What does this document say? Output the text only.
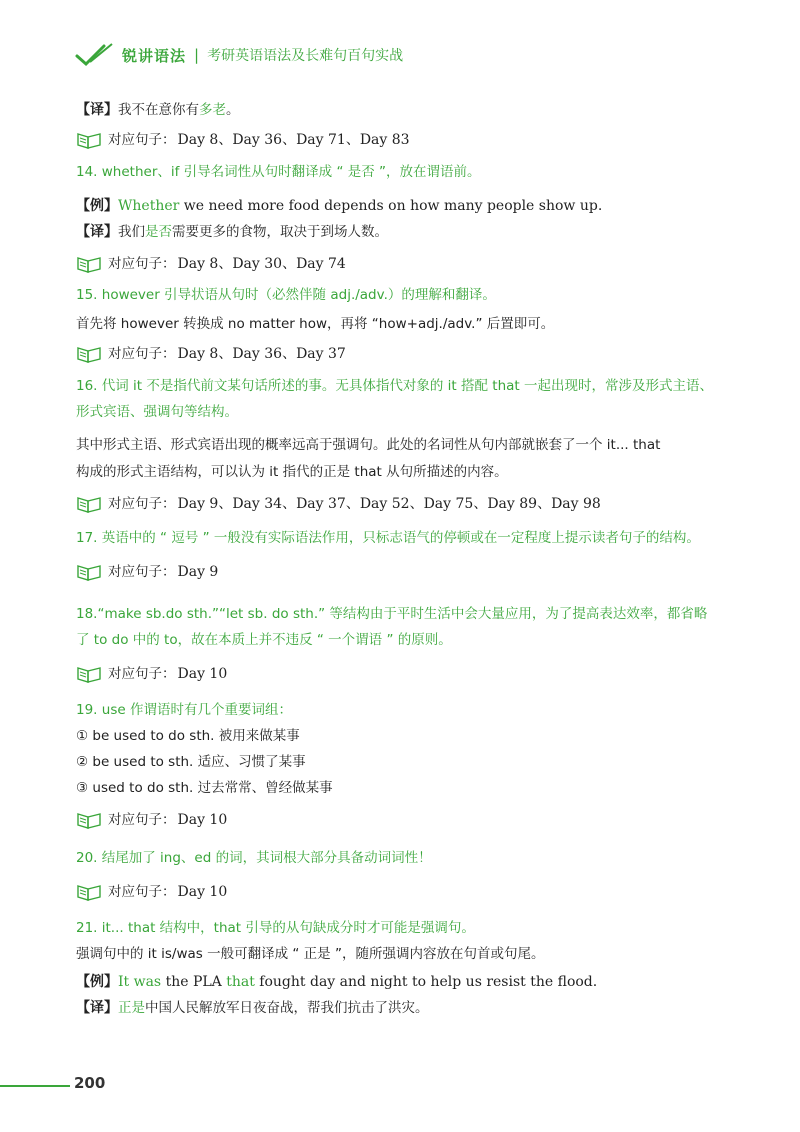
锐讲语法 | 考研英语语法及长难句百句实战
【译】我不在意你有多老。
对应句子： Day 8、Day 36、Day 71、Day 83
14. whether、if 引导名词性从句时翻译成 “ 是否 ”，放在谓语前。
【例】Whether we need more food depends on how many people show up.
【译】我们是否需要更多的食物，取决于到场人数。
对应句子： Day 8、Day 30、Day 74
15. however 引导状语从句时（必然伴随 adj./adv.）的理解和翻译。
首先将 however 转换成 no matter how，再将 “how+adj./adv.” 后置即可。
对应句子： Day 8、Day 36、Day 37
16. 代词 it 不是指代前文某句话所述的事。无具体指代对象的 it 搭配 that 一起出现时，常涉及形式主语、
形式宾语、强调句等结构。
其中形式主语、形式宾语出现的概率远高于强调句。此处的名词性从句内部就嵌套了一个 it... that
构成的形式主语结构，可以认为 it 指代的正是 that 从句所描述的内容。
对应句子： Day 9、Day 34、Day 37、Day 52、Day 75、Day 89、Day 98
17. 英语中的 “ 逗号 ” 一般没有实际语法作用，只标志语气的停顿或在一定程度上提示读者句子的结构。
对应句子： Day 9
18.“make sb.do sth.”“let sb. do sth.” 等结构由于平时生活中会大量应用，为了提高表达效率，都省略
了 to do 中的 to，故在本质上并不违反 “ 一个谓语 ” 的原则。
对应句子： Day 10
19. use 作谓语时有几个重要词组：
① be used to do sth. 被用来做某事
② be used to sth. 适应、习惯了某事
③ used to do sth. 过去常常、曾经做某事
对应句子： Day 10
20. 结尾加了 ing、ed 的词，其词根大部分具备动词词性！
对应句子： Day 10
21. it... that 结构中，that 引导的从句缺成分时才可能是强调句。
强调句中的 it is/was 一般可翻译成 “ 正是 ”，随所强调内容放在句首或句尾。
【例】It was the PLA that fought day and night to help us resist the flood.
【译】正是中国人民解放军日夜奋战，帮我们抗击了洪灾。
200
